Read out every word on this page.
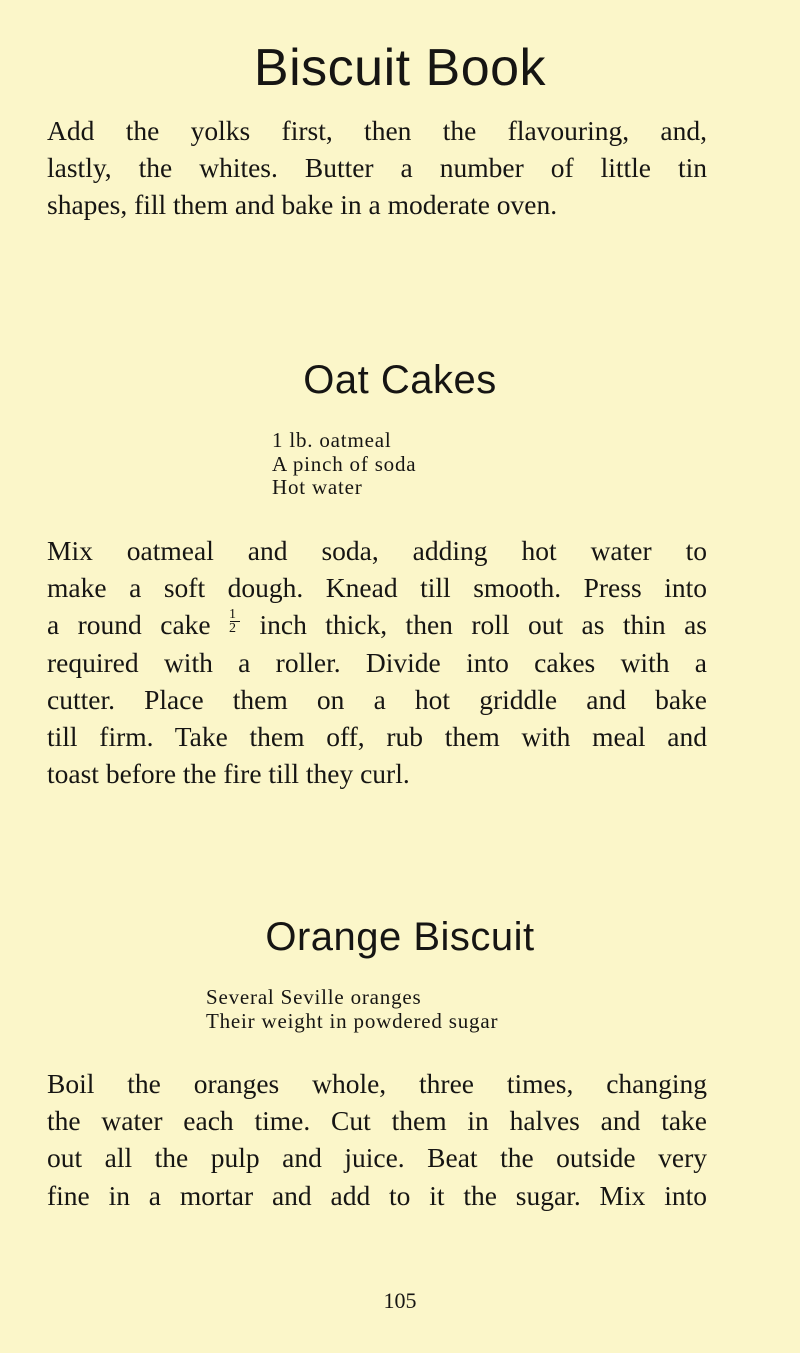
Biscuit Book
Add the yolks first, then the flavouring, and,
lastly, the whites. Butter a number of little tin
shapes, fill them and bake in a moderate oven.
Oat Cakes
1 lb. oatmeal
A pinch of soda
Hot water
Mix oatmeal and soda, adding hot water to
make a soft dough. Knead till smooth. Press into
a round cake $\frac{1}{2}$ inch thick, then roll out as thin as
required with a roller. Divide into cakes with a
cutter. Place them on a hot griddle and bake
till firm. Take them off, rub them with meal and
toast before the fire till they curl.
Orange Biscuit
Several Seville oranges
Their weight in powdered sugar
Boil the oranges whole, three times, changing
the water each time. Cut them in halves and take
out all the pulp and juice. Beat the outside very
fine in a mortar and add to it the sugar. Mix into
105
